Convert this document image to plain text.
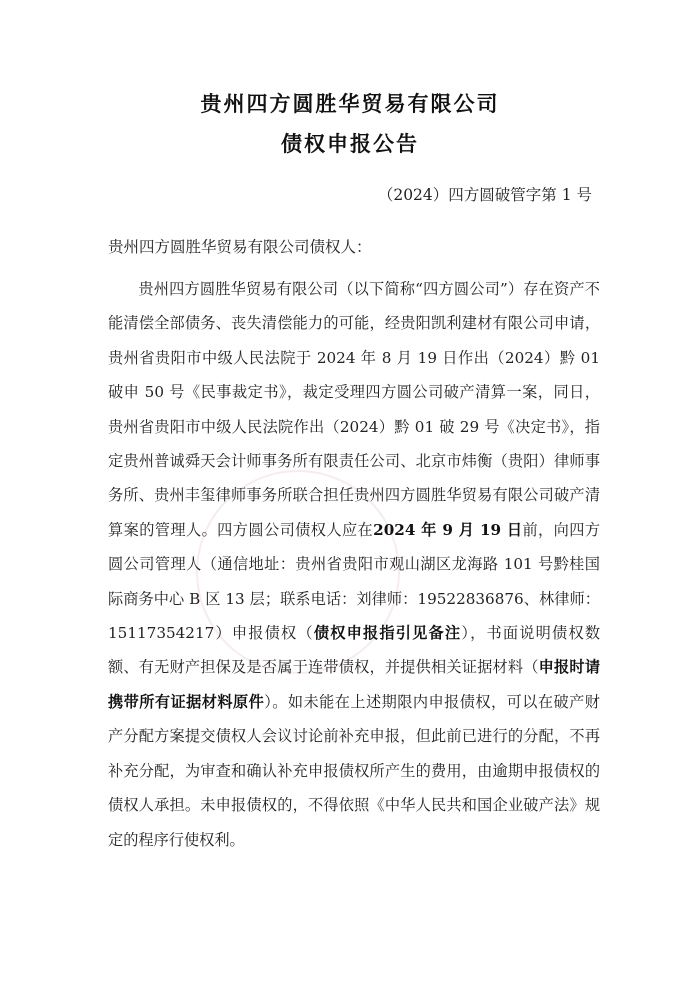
贵州四方圆胜华贸易有限公司
债权申报公告
（2024）四方圆破管字第 1 号
贵州四方圆胜华贸易有限公司债权人：
贵州四方圆胜华贸易有限公司（以下简称“四方圆公司”）存在资产不能清偿全部债务、丧失清偿能力的可能，经贵阳凯利建材有限公司申请，贵州省贵阳市中级人民法院于 2024 年 8 月 19 日作出（2024）黔 01 破申 50 号《民事裁定书》，裁定受理四方圆公司破产清算一案，同日，贵州省贵阳市中级人民法院作出（2024）黔 01 破 29 号《决定书》，指定贵州普诚舜天会计师事务所有限责任公司、北京市炜衡（贵阳）律师事务所、贵州丰玺律师事务所联合担任贵州四方圆胜华贸易有限公司破产清算案的管理人。四方圆公司债权人应在2024 年 9 月 19 日前，向四方圆公司管理人（通信地址：贵州省贵阳市观山湖区龙海路 101 号黔桂国际商务中心 B 区 13 层；联系电话：刘律师：19522836876、林律师：15117354217）申报债权（债权申报指引见备注），书面说明债权数额、有无财产担保及是否属于连带债权，并提供相关证据材料（申报时请携带所有证据材料原件）。如未能在上述期限内申报债权，可以在破产财产分配方案提交债权人会议讨论前补充申报，但此前已进行的分配，不再补充分配，为审查和确认补充申报债权所产生的费用，由逾期申报债权的债权人承担。未申报债权的，不得依照《中华人民共和国企业破产法》规定的程序行使权利。
